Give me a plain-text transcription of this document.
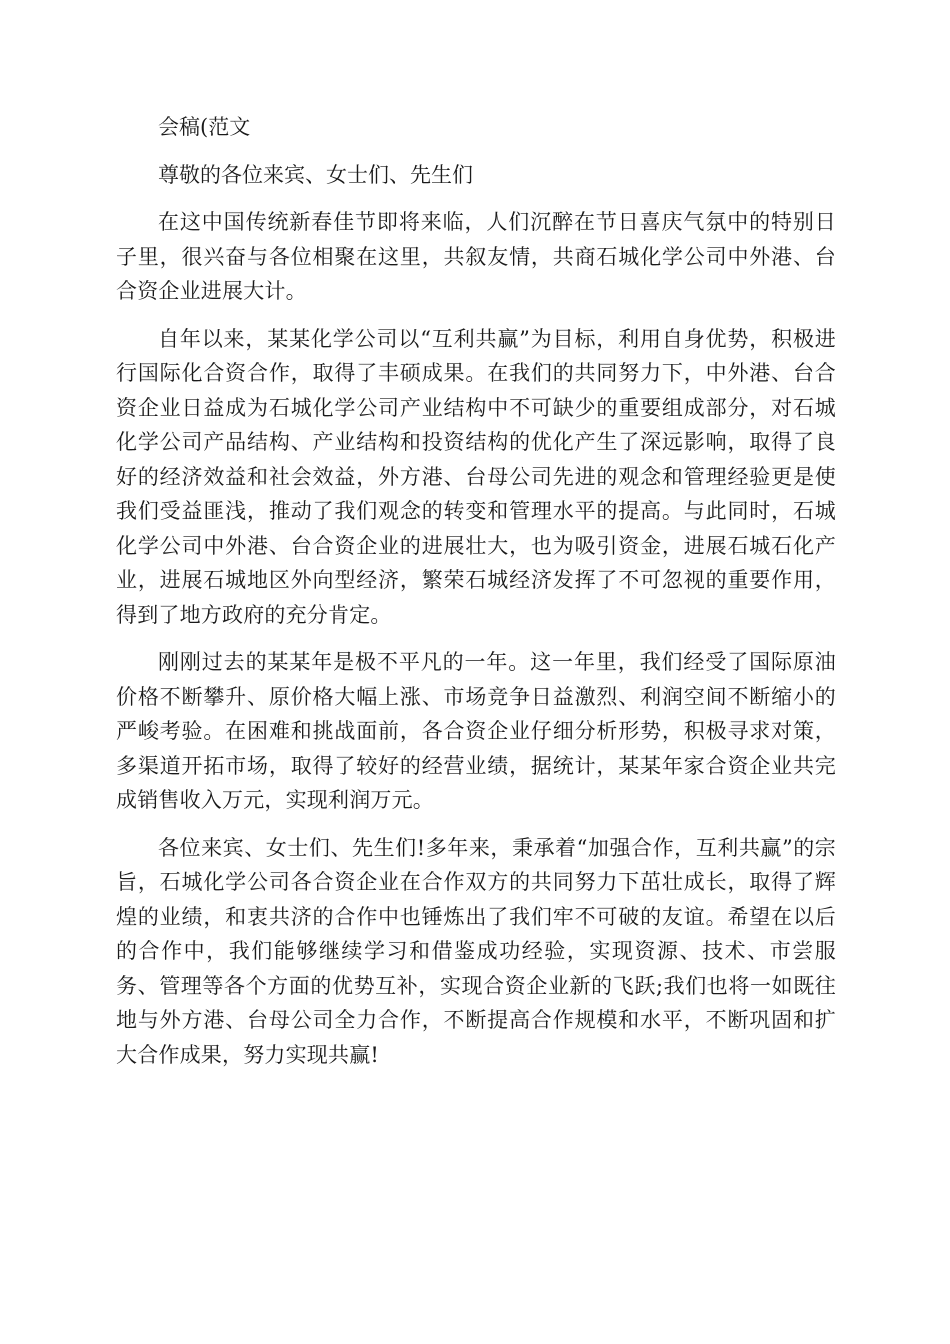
会稿(范文

尊敬的各位来宾、女士们、先生们

在这中国传统新春佳节即将来临，人们沉醉在节日喜庆气氛中的特别日子里，很兴奋与各位相聚在这里，共叙友情，共商石城化学公司中外港、台合资企业进展大计。

自年以来，某某化学公司以“互利共赢”为目标，利用自身优势，积极进行国际化合资合作，取得了丰硕成果。在我们的共同努力下，中外港、台合资企业日益成为石城化学公司产业结构中不可缺少的重要组成部分，对石城化学公司产品结构、产业结构和投资结构的优化产生了深远影响，取得了良好的经济效益和社会效益，外方港、台母公司先进的观念和管理经验更是使我们受益匪浅，推动了我们观念的转变和管理水平的提高。与此同时，石城化学公司中外港、台合资企业的进展壮大，也为吸引资金，进展石城石化产业，进展石城地区外向型经济，繁荣石城经济发挥了不可忽视的重要作用，得到了地方政府的充分肯定。

刚刚过去的某某年是极不平凡的一年。这一年里，我们经受了国际原油价格不断攀升、原价格大幅上涨、市场竞争日益激烈、利润空间不断缩小的严峻考验。在困难和挑战面前，各合资企业仔细分析形势，积极寻求对策，多渠道开拓市场，取得了较好的经营业绩，据统计，某某年家合资企业共完成销售收入万元，实现利润万元。

各位来宾、女士们、先生们!多年来，秉承着“加强合作，互利共赢”的宗旨，石城化学公司各合资企业在合作双方的共同努力下茁壮成长，取得了辉煌的业绩，和衷共济的合作中也锤炼出了我们牢不可破的友谊。希望在以后的合作中，我们能够继续学习和借鉴成功经验，实现资源、技术、市尝服务、管理等各个方面的优势互补，实现合资企业新的飞跃;我们也将一如既往地与外方港、台母公司全力合作，不断提高合作规模和水平，不断巩固和扩大合作成果，努力实现共赢!
